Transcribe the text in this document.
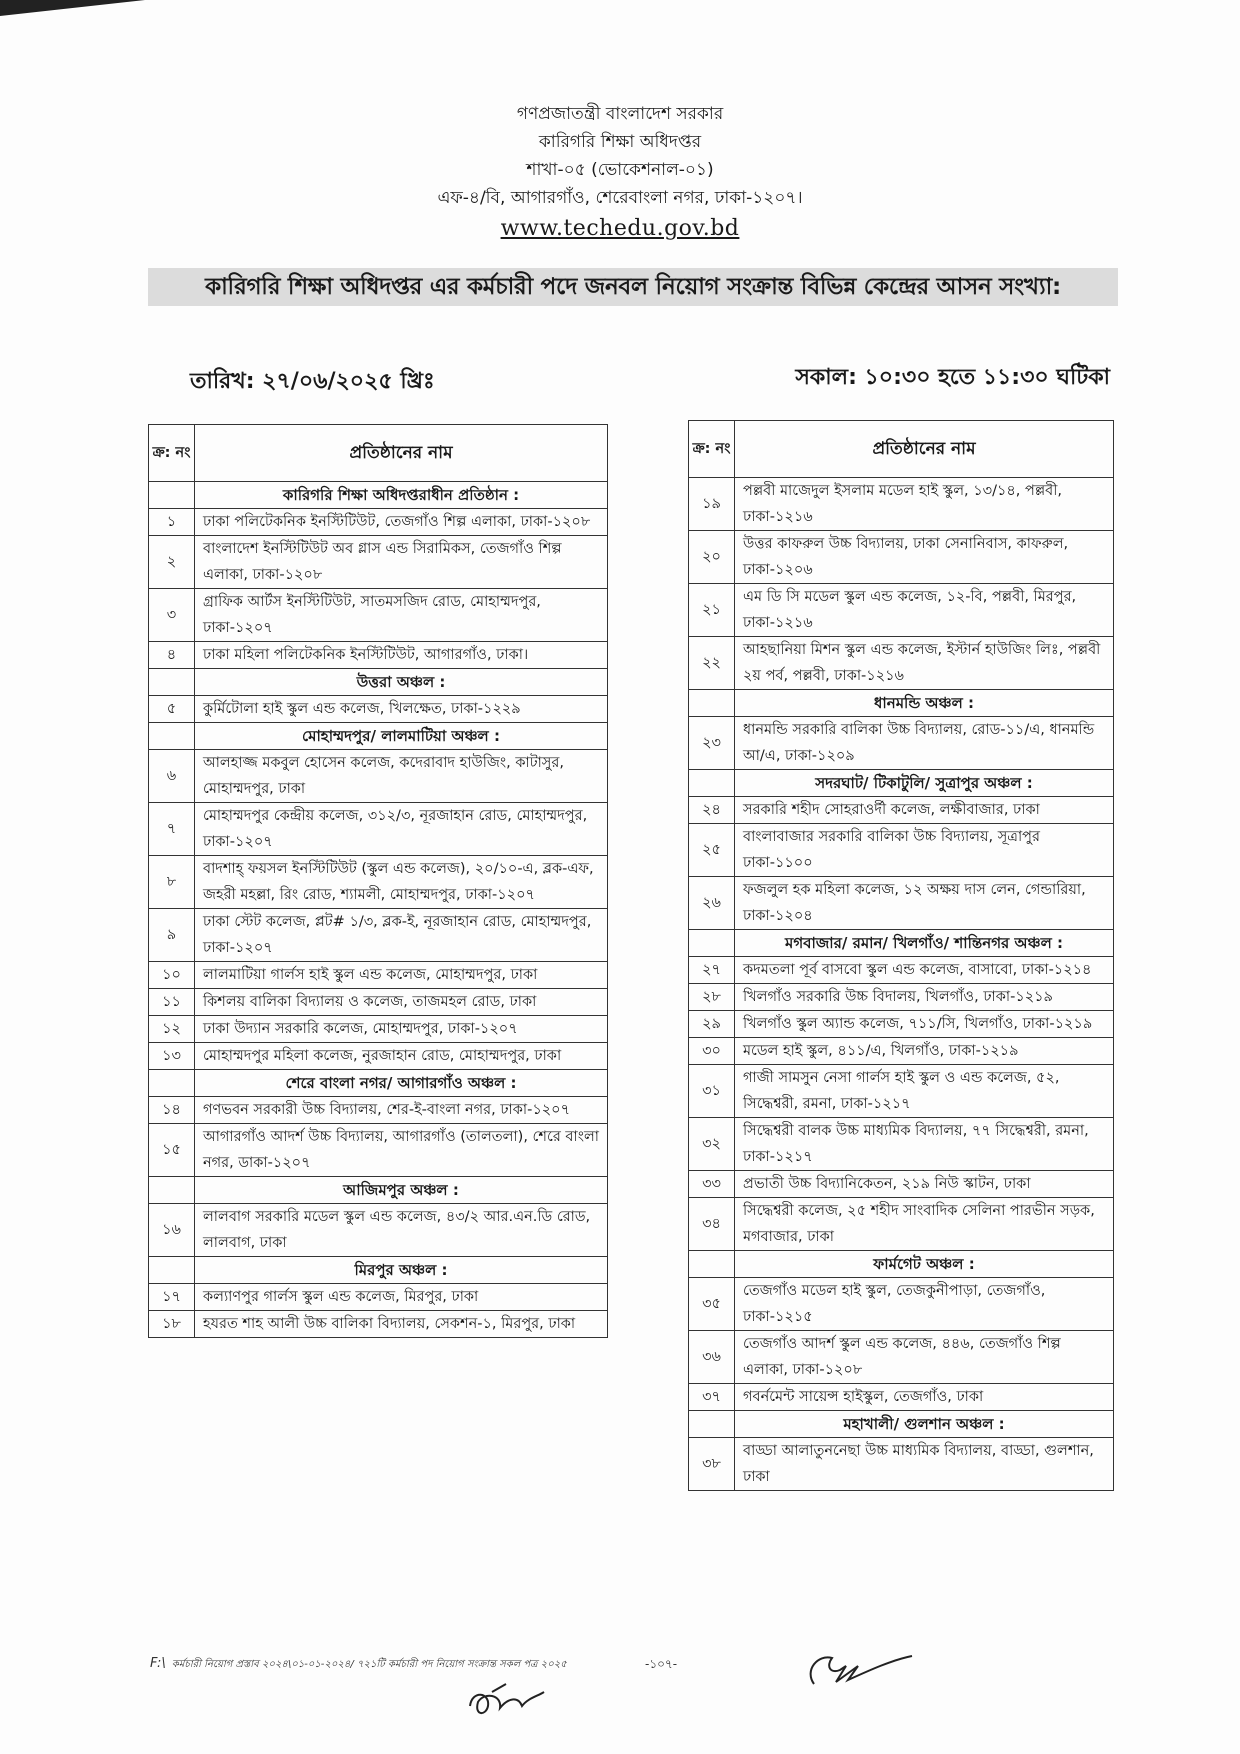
গণপ্রজাতন্ত্রী বাংলাদেশ সরকার
কারিগরি শিক্ষা অধিদপ্তর
শাখা-০৫ (ভোকেশনাল-০১)
এফ-৪/বি, আগারগাঁও, শেরেবাংলা নগর, ঢাকা-১২০৭।
www.techedu.gov.bd
কারিগরি শিক্ষা অধিদপ্তর এর কর্মচারী পদে জনবল নিয়োগ সংক্রান্ত বিভিন্ন কেন্দ্রের আসন সংখ্যা:
তারিখ: ২৭/০৬/২০২৫ খ্রিঃ	সকাল: ১০:৩০ হতে ১১:৩০ ঘটিকা
ক্র: নং	প্রতিষ্ঠানের নাম
	কারিগরি শিক্ষা অধিদপ্তরাধীন প্রতিষ্ঠান :
১	ঢাকা পলিটেকনিক ইনস্টিটিউট, তেজগাঁও শিল্প এলাকা, ঢাকা-১২০৮
২	বাংলাদেশ ইনস্টিটিউট অব গ্লাস এন্ড সিরামিকস, তেজগাঁও শিল্প এলাকা, ঢাকা-১২০৮
৩	গ্রাফিক আর্টস ইনস্টিটিউট, সাতমসজিদ রোড, মোহাম্মদপুর, ঢাকা-১২০৭
৪	ঢাকা মহিলা পলিটেকনিক ইনস্টিটিউট, আগারগাঁও, ঢাকা।
	উত্তরা অঞ্চল :
৫	কুর্মিটোলা হাই স্কুল এন্ড কলেজ, খিলক্ষেত, ঢাকা-১২২৯
	মোহাম্মদপুর/ লালমাটিয়া অঞ্চল :
৬	আলহাজ্জ মকবুল হোসেন কলেজ, কদেরাবাদ হাউজিং, কাটাসুর, মোহাম্মদপুর, ঢাকা
৭	মোহাম্মদপুর কেন্দ্রীয় কলেজ, ৩১২/৩, নূরজাহান রোড, মোহাম্মদপুর, ঢাকা-১২০৭
৮	বাদশাহ্ ফয়সল ইনস্টিটিউট (স্কুল এন্ড কলেজ), ২০/১০-এ, ব্লক-এফ, জহরী মহল্লা, রিং রোড, শ্যামলী, মোহাম্মদপুর, ঢাকা-১২০৭
৯	ঢাকা স্টেট কলেজ, প্লট# ১/৩, ব্লক-ই, নূরজাহান রোড, মোহাম্মদপুর, ঢাকা-১২০৭
১০	লালমাটিয়া গার্লস হাই স্কুল এন্ড কলেজ, মোহাম্মদপুর, ঢাকা
১১	কিশলয় বালিকা বিদ্যালয় ও কলেজ, তাজমহল রোড, ঢাকা
১২	ঢাকা উদ্যান সরকারি কলেজ, মোহাম্মদপুর, ঢাকা-১২০৭
১৩	মোহাম্মদপুর মহিলা কলেজ, নুরজাহান রোড, মোহাম্মদপুর, ঢাকা
	শেরে বাংলা নগর/ আগারগাঁও অঞ্চল :
১৪	গণভবন সরকারী উচ্চ বিদ্যালয়, শের-ই-বাংলা নগর, ঢাকা-১২০৭
১৫	আগারগাঁও আদর্শ উচ্চ বিদ্যালয়, আগারগাঁও (তালতলা), শেরে বাংলা নগর, ডাকা-১২০৭
	আজিমপুর অঞ্চল :
১৬	লালবাগ সরকারি মডেল স্কুল এন্ড কলেজ, ৪৩/২ আর.এন.ডি রোড, লালবাগ, ঢাকা
	মিরপুর অঞ্চল :
১৭	কল্যাণপুর গার্লস স্কুল এন্ড কলেজ, মিরপুর, ঢাকা
১৮	হযরত শাহ আলী উচ্চ বালিকা বিদ্যালয়, সেকশন-১, মিরপুর, ঢাকা
ক্র: নং	প্রতিষ্ঠানের নাম
১৯	পল্লবী মাজেদুল ইসলাম মডেল হাই স্কুল, ১৩/১৪, পল্লবী, ঢাকা-১২১৬
২০	উত্তর কাফরুল উচ্চ বিদ্যালয়, ঢাকা সেনানিবাস, কাফরুল, ঢাকা-১২০৬
২১	এম ডি সি মডেল স্কুল এন্ড কলেজ, ১২-বি, পল্লবী, মিরপুর, ঢাকা-১২১৬
২২	আহছানিয়া মিশন স্কুল এন্ড কলেজ, ইস্টার্ন হাউজিং লিঃ, পল্লবী ২য় পর্ব, পল্লবী, ঢাকা-১২১৬
	ধানমন্ডি অঞ্চল :
২৩	ধানমন্ডি সরকারি বালিকা উচ্চ বিদ্যালয়, রোড-১১/এ, ধানমন্ডি আ/এ, ঢাকা-১২০৯
	সদরঘাট/ টিকাটুলি/ সুত্রাপুর অঞ্চল :
২৪	সরকারি শহীদ সোহরাওর্দী কলেজ, লক্ষীবাজার, ঢাকা
২৫	বাংলাবাজার সরকারি বালিকা উচ্চ বিদ্যালয়, সূত্রাপুর ঢাকা-১১০০
২৬	ফজলুল হক মহিলা কলেজ, ১২ অক্ষয় দাস লেন, গেন্ডারিয়া, ঢাকা-১২০৪
	মগবাজার/ রমান/ খিলগাঁও/ শান্তিনগর অঞ্চল :
২৭	কদমতলা পূর্ব বাসবো স্কুল এন্ড কলেজ, বাসাবো, ঢাকা-১২১৪
২৮	খিলগাঁও সরকারি উচ্চ বিদালয়, খিলগাঁও, ঢাকা-১২১৯
২৯	খিলগাঁও স্কুল অ্যান্ড কলেজ, ৭১১/সি, খিলগাঁও, ঢাকা-১২১৯
৩০	মডেল হাই স্কুল, ৪১১/এ, খিলগাঁও, ঢাকা-১২১৯
৩১	গাজী সামসুন নেসা গার্লস হাই স্কুল ও এন্ড কলেজ, ৫২, সিদ্ধেশ্বরী, রমনা, ঢাকা-১২১৭
৩২	সিদ্ধেশ্বরী বালক উচ্চ মাধ্যমিক বিদ্যালয়, ৭৭ সিদ্ধেশ্বরী, রমনা, ঢাকা-১২১৭
৩৩	প্রভাতী উচ্চ বিদ্যানিকেতন, ২১৯ নিউ স্কাটন, ঢাকা
৩৪	সিদ্ধেশ্বরী কলেজ, ২৫ শহীদ সাংবাদিক সেলিনা পারভীন সড়ক, মগবাজার, ঢাকা
	ফার্মগেট অঞ্চল :
৩৫	তেজগাঁও মডেল হাই স্কুল, তেজকুনীপাড়া, তেজগাঁও, ঢাকা-১২১৫
৩৬	তেজগাঁও আদর্শ স্কুল এন্ড কলেজ, ৪৪৬, তেজগাঁও শিল্প এলাকা, ঢাকা-১২০৮
৩৭	গবর্নমেন্ট সায়েন্স হাইস্কুল, তেজগাঁও, ঢাকা
	মহাখালী/ গুলশান অঞ্চল :
৩৮	বাড্ডা আলাতুননেছা উচ্চ মাধ্যমিক বিদ্যালয়, বাড্ডা, গুলশান, ঢাকা
F:\ কর্মচারী নিয়োগ প্রস্তাব ২০২৪\০১-০১-২০২৪/ ৭২১টি কর্মচারী পদ নিয়োগ সংক্রান্ত সকল পত্র ২০২৫	-১০৭-
